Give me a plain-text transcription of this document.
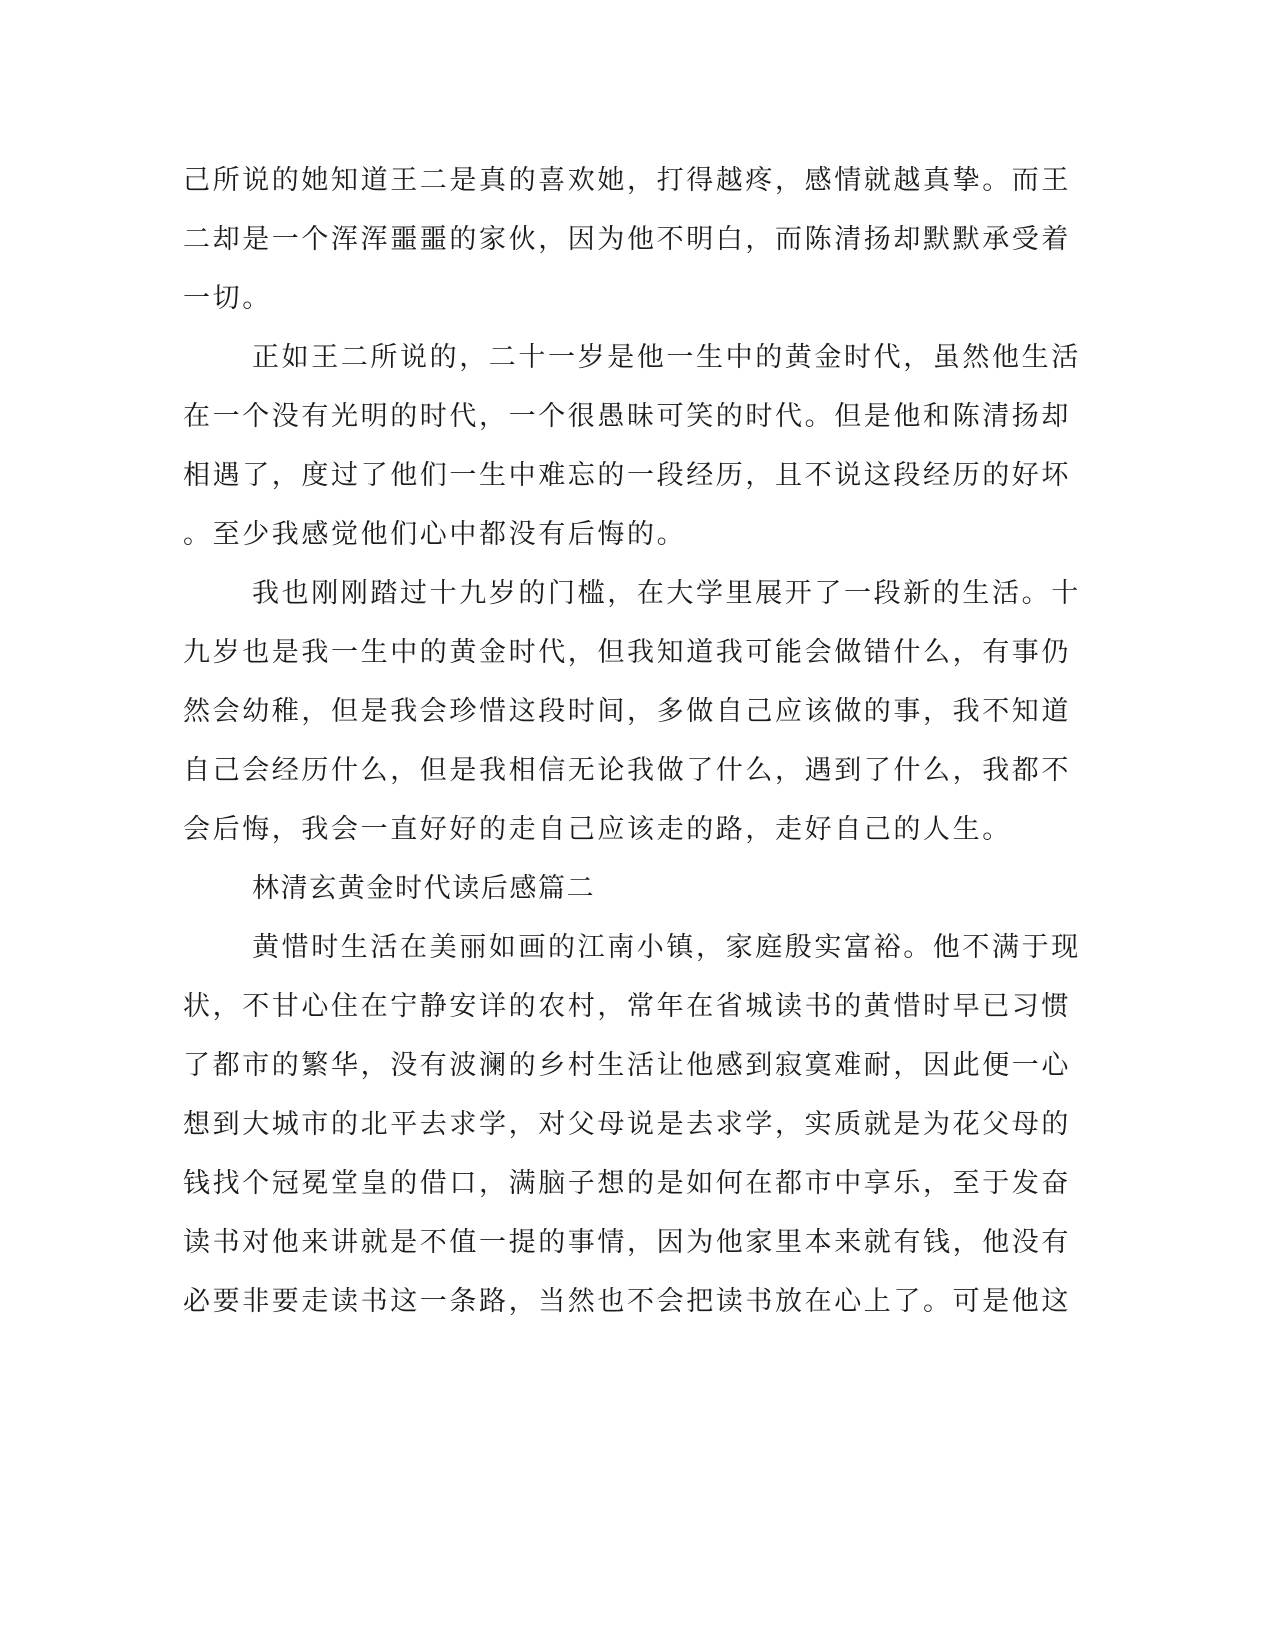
己所说的她知道王二是真的喜欢她，打得越疼，感情就越真挚。而王

二却是一个浑浑噩噩的家伙，因为他不明白，而陈清扬却默默承受着

一切。

正如王二所说的，二十一岁是他一生中的黄金时代，虽然他生活

在一个没有光明的时代，一个很愚昧可笑的时代。但是他和陈清扬却

相遇了，度过了他们一生中难忘的一段经历，且不说这段经历的好坏

。至少我感觉他们心中都没有后悔的。

我也刚刚踏过十九岁的门槛，在大学里展开了一段新的生活。十

九岁也是我一生中的黄金时代，但我知道我可能会做错什么，有事仍

然会幼稚，但是我会珍惜这段时间，多做自己应该做的事，我不知道

自己会经历什么，但是我相信无论我做了什么，遇到了什么，我都不

会后悔，我会一直好好的走自己应该走的路，走好自己的人生。

林清玄黄金时代读后感篇二

黄惜时生活在美丽如画的江南小镇，家庭殷实富裕。他不满于现

状，不甘心住在宁静安详的农村，常年在省城读书的黄惜时早已习惯

了都市的繁华，没有波澜的乡村生活让他感到寂寞难耐，因此便一心

想到大城市的北平去求学，对父母说是去求学，实质就是为花父母的

钱找个冠冕堂皇的借口，满脑子想的是如何在都市中享乐，至于发奋

读书对他来讲就是不值一提的事情，因为他家里本来就有钱，他没有

必要非要走读书这一条路，当然也不会把读书放在心上了。可是他这
